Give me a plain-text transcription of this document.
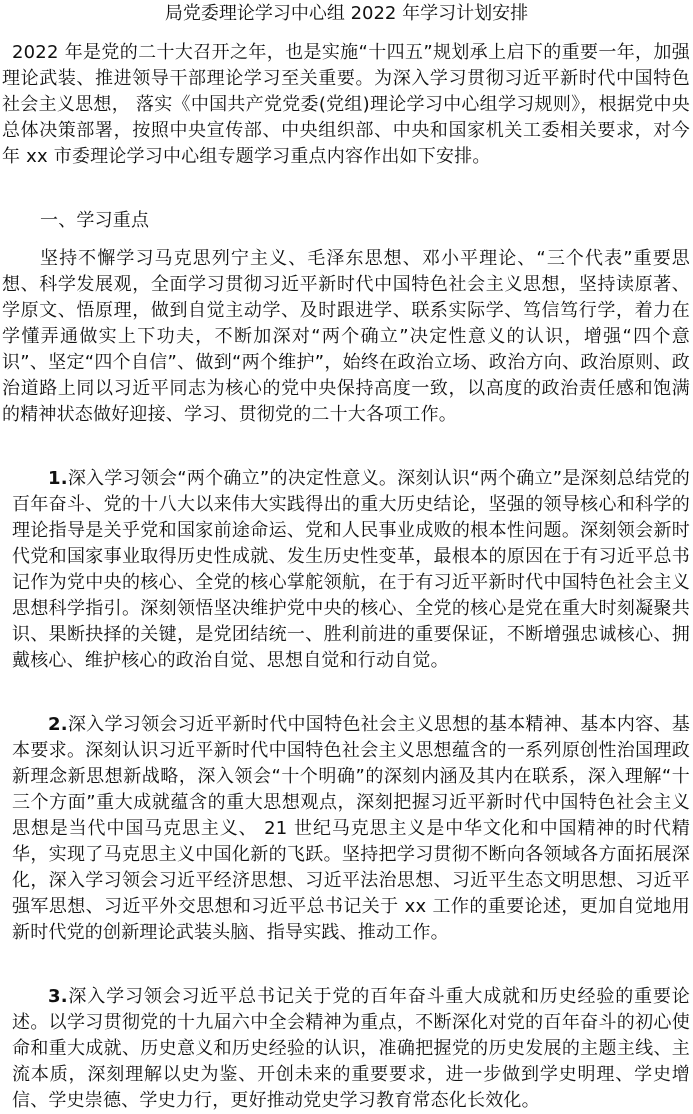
局党委理论学习中心组 2022 年学习计划安排

2022 年是党的二十大召开之年，也是实施“十四五”规划承上启下的重要一年，加强理论武装、推进领导干部理论学习至关重要。为深入学习贯彻习近平新时代中国特色社会主义思想， 落实《中国共产党党委(党组)理论学习中心组学习规则》，根据党中央总体决策部署，按照中央宣传部、中央组织部、中央和国家机关工委相关要求，对今年 xx 市委理论学习中心组专题学习重点内容作出如下安排。

一、学习重点

坚持不懈学习马克思列宁主义、毛泽东思想、邓小平理论、“三个代表”重要思想、科学发展观，全面学习贯彻习近平新时代中国特色社会主义思想，坚持读原著、学原文、悟原理，做到自觉主动学、及时跟进学、联系实际学、笃信笃行学，着力在学懂弄通做实上下功夫，不断加深对“两个确立”决定性意义的认识，增强“四个意识”、坚定“四个自信”、做到“两个维护”，始终在政治立场、政治方向、政治原则、政治道路上同以习近平同志为核心的党中央保持高度一致，以高度的政治责任感和饱满的精神状态做好迎接、学习、贯彻党的二十大各项工作。

1.深入学习领会“两个确立”的决定性意义。深刻认识“两个确立”是深刻总结党的百年奋斗、党的十八大以来伟大实践得出的重大历史结论，坚强的领导核心和科学的理论指导是关乎党和国家前途命运、党和人民事业成败的根本性问题。深刻领会新时代党和国家事业取得历史性成就、发生历史性变革，最根本的原因在于有习近平总书记作为党中央的核心、全党的核心掌舵领航，在于有习近平新时代中国特色社会主义思想科学指引。深刻领悟坚决维护党中央的核心、全党的核心是党在重大时刻凝聚共识、果断抉择的关键，是党团结统一、胜利前进的重要保证，不断增强忠诚核心、拥戴核心、维护核心的政治自觉、思想自觉和行动自觉。

2.深入学习领会习近平新时代中国特色社会主义思想的基本精神、基本内容、基本要求。深刻认识习近平新时代中国特色社会主义思想蕴含的一系列原创性治国理政新理念新思想新战略，深入领会“十个明确”的深刻内涵及其内在联系，深入理解“十三个方面”重大成就蕴含的重大思想观点，深刻把握习近平新时代中国特色社会主义思想是当代中国马克思主义、 21 世纪马克思主义是中华文化和中国精神的时代精华，实现了马克思主义中国化新的飞跃。坚持把学习贯彻不断向各领域各方面拓展深化，深入学习领会习近平经济思想、习近平法治思想、习近平生态文明思想、习近平强军思想、习近平外交思想和习近平总书记关于 xx 工作的重要论述，更加自觉地用新时代党的创新理论武装头脑、指导实践、推动工作。

3.深入学习领会习近平总书记关于党的百年奋斗重大成就和历史经验的重要论述。以学习贯彻党的十九届六中全会精神为重点，不断深化对党的百年奋斗的初心使命和重大成就、历史意义和历史经验的认识，准确把握党的历史发展的主题主线、主流本质，深刻理解以史为鉴、开创未来的重要要求，进一步做到学史明理、学史增信、学史崇德、学史力行，更好推动党史学习教育常态化长效化。
